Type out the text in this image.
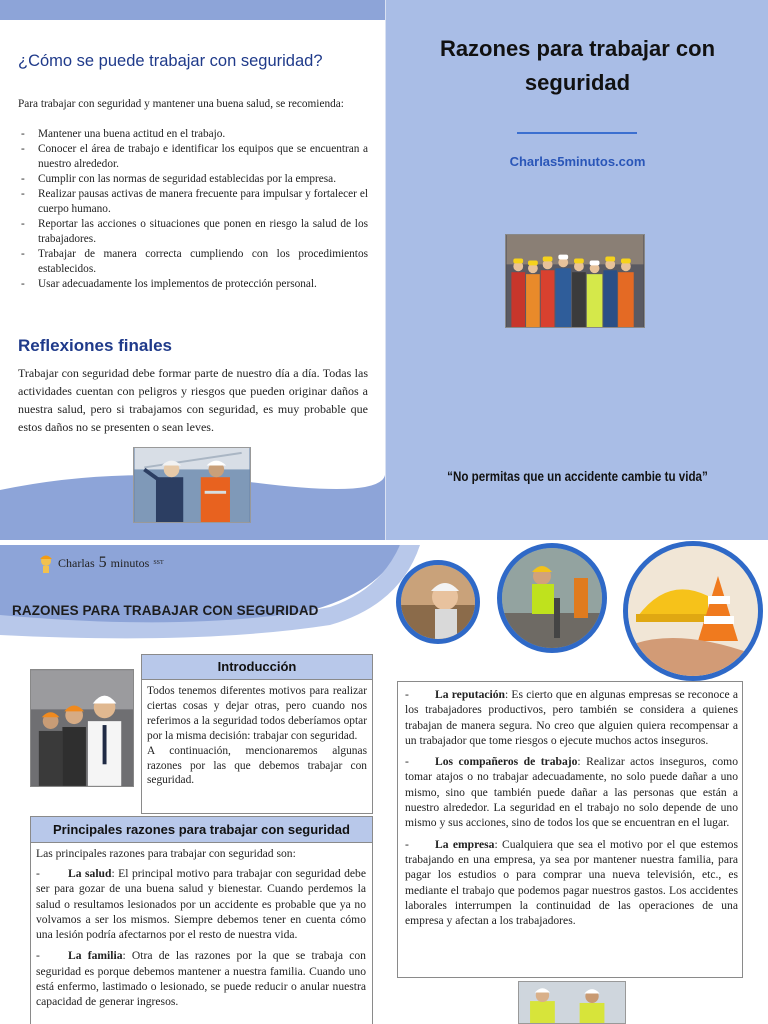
¿Cómo se puede trabajar con seguridad?

Para trabajar con seguridad y mantener una buena salud, se recomienda:

- Mantener una buena actitud en el trabajo.
- Conocer el área de trabajo e identificar los equipos que se encuentran a nuestro alrededor.
- Cumplir con las normas de seguridad establecidas por la empresa.
- Realizar pausas activas de manera frecuente para impulsar y fortalecer el cuerpo humano.
- Reportar las acciones o situaciones que ponen en riesgo la salud de los trabajadores.
- Trabajar de manera correcta cumpliendo con los procedimientos establecidos.
- Usar adecuadamente los implementos de protección personal.
Reflexiones finales

Trabajar con seguridad debe formar parte de nuestro día a día. Todas las actividades cuentan con peligros y riesgos que pueden originar daños a nuestra salud, pero si trabajamos con seguridad, es muy probable que estos daños no se presenten o sean leves.

Razones para trabajar con seguridad
Charlas5minutos.com
“No permitas que un accidente cambie tu vida”
Charlas 5 minutos SST
RAZONES PARA TRABAJAR CON SEGURIDAD
Introducción

Todos tenemos diferentes motivos para realizar ciertas cosas y dejar otras, pero cuando nos referimos a la seguridad todos deberíamos optar por la misma decisión: trabajar con seguridad.

A continuación, mencionaremos algunas razones por las que debemos trabajar con seguridad.

Principales razones para trabajar con seguridad
Las principales razones para trabajar con seguridad son:
- La salud: El principal motivo para trabajar con seguridad debe ser para gozar de una buena salud y bienestar. Cuando perdemos la salud o resultamos lesionados por un accidente es probable que ya no volvamos a ser los mismos. Siempre debemos tener en cuenta cómo una lesión podría afectarnos por el resto de nuestra vida.
- La familia: Otra de las razones por la que se trabaja con seguridad es porque debemos mantener a nuestra familia. Cuando uno está enfermo, lastimado o lesionado, se puede reducir o anular nuestra capacidad de generar ingresos.
- La reputación: Es cierto que en algunas empresas se reconoce a los trabajadores productivos, pero también se considera a quienes trabajan de manera segura. No creo que alguien quiera recompensar a un trabajador que tome riesgos o ejecute muchos actos inseguros.
- Los compañeros de trabajo: Realizar actos inseguros, como tomar atajos o no trabajar adecuadamente, no solo puede dañar a uno mismo, sino que también puede dañar a las personas que están a nuestro alrededor. La seguridad en el trabajo no solo depende de uno mismo y sus acciones, sino de todos los que se encuentran en el lugar.
- La empresa: Cualquiera que sea el motivo por el que estemos trabajando en una empresa, ya sea por mantener nuestra familia, para pagar los estudios o para comprar una nueva televisión, etc., es mediante el trabajo que podemos pagar nuestros gastos. Los accidentes laborales interrumpen la continuidad de las operaciones de una empresa y afectan a los trabajadores.
